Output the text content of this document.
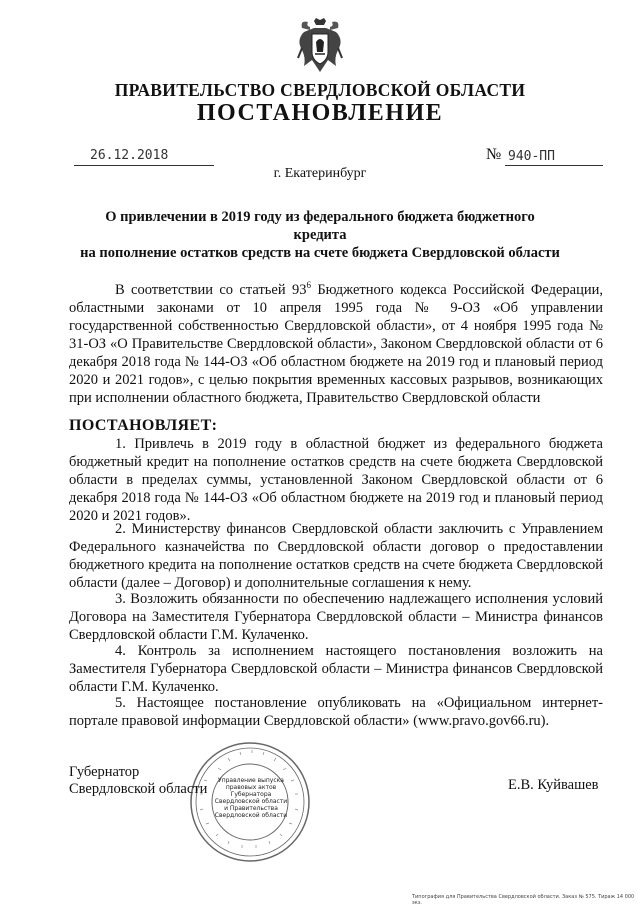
ПРАВИТЕЛЬСТВО СВЕРДЛОВСКОЙ ОБЛАСТИ
ПОСТАНОВЛЕНИЕ
26.12.2018	№ 940-ПП
г. Екатеринбург
О привлечении в 2019 году из федерального бюджета бюджетного кредита
на пополнение остатков средств на счете бюджета Свердловской области

В соответствии со статьей $93^6$ Бюджетного кодекса Российской Федерации, областными законами от 10 апреля 1995 года № 9-ОЗ «Об управлении государственной собственностью Свердловской области», от 4 ноября 1995 года № 31-ОЗ «О Правительстве Свердловской области», Законом Свердловской области от 6 декабря 2018 года № 144-ОЗ «Об областном бюджете на 2019 год и плановый период 2020 и 2021 годов», с целью покрытия временных кассовых разрывов, возникающих при исполнении областного бюджета, Правительство Свердловской области

ПОСТАНОВЛЯЕТ:

1. Привлечь в 2019 году в областной бюджет из федерального бюджета бюджетный кредит на пополнение остатков средств на счете бюджета Свердловской области в пределах суммы, установленной Законом Свердловской области от 6 декабря 2018 года № 144-ОЗ «Об областном бюджете на 2019 год и плановый период 2020 и 2021 годов».

2. Министерству финансов Свердловской области заключить с Управлением Федерального казначейства по Свердловской области договор о предоставлении бюджетного кредита на пополнение остатков средств на счете бюджета Свердловской области (далее – Договор) и дополнительные соглашения к нему.

3. Возложить обязанности по обеспечению надлежащего исполнения условий Договора на Заместителя Губернатора Свердловской области – Министра финансов Свердловской области Г.М. Кулаченко.

4. Контроль за исполнением настоящего постановления возложить на Заместителя Губернатора Свердловской области – Министра финансов Свердловской области Г.М. Кулаченко.

5. Настоящее постановление опубликовать на «Официальном интернет-портале правовой информации Свердловской области» (www.pravo.gov66.ru).

Губернатор
Свердловской области
Управление выпуска правовых актов Губернатора Свердловской области и Правительства Свердловской области
Е.В. Куйвашев
Типография для Правительства Свердловской области. Заказ № 575. Тираж 14 000 экз.
